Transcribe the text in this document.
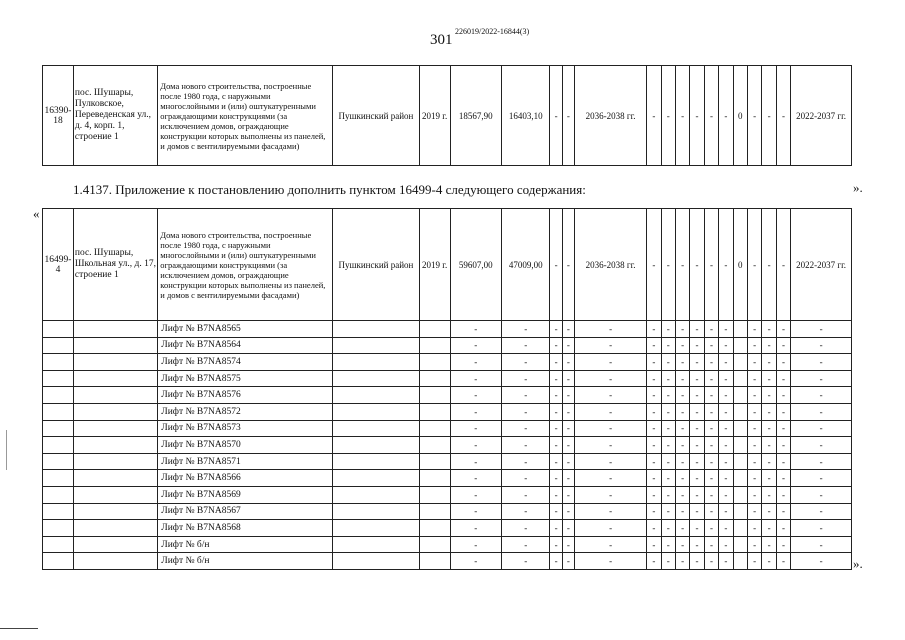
301
226019/2022-16844(3)
16390-18	пос. Шушары, Пулковское, Переведенская ул., д. 4, корп. 1, строение 1	Дома нового строительства, построенные после 1980 года, с наружными многослойными и (или) оштукатуренными ограждающими конструкциями (за исключением домов, ограждающие конструкции которых выполнены из панелей, и домов с вентилируемыми фасадами)	Пушкинский район	2019 г.	18567,90	16403,10	-	-	2036-2038 гг.	-	-	-	-	-	-	0	-	-	-	2022-2037 гг.
».
1.4137. Приложение к постановлению дополнить пунктом 16499-4 следующего содержания:
«
16499-4	пос. Шушары, Школьная ул., д. 17, строение 1	Дома нового строительства, построенные после 1980 года, с наружными многослойными и (или) оштукатуренными ограждающими конструкциями (за исключением домов, ограждающие конструкции которых выполнены из панелей, и домов с вентилируемыми фасадами)	Пушкинский район	2019 г.	59607,00	47009,00	-	-	2036-2038 гг.	-	-	-	-	-	-	0	-	-	-	2022-2037 гг.
		Лифт № B7NA8565			-	-	-	-	-	-	-	-	-	-	-		-	-	-	-
		Лифт № B7NA8564			-	-	-	-	-	-	-	-	-	-	-		-	-	-	-
		Лифт № B7NA8574			-	-	-	-	-	-	-	-	-	-	-		-	-	-	-
		Лифт № B7NA8575			-	-	-	-	-	-	-	-	-	-	-		-	-	-	-
		Лифт № B7NA8576			-	-	-	-	-	-	-	-	-	-	-		-	-	-	-
		Лифт № B7NA8572			-	-	-	-	-	-	-	-	-	-	-		-	-	-	-
		Лифт № B7NA8573			-	-	-	-	-	-	-	-	-	-	-		-	-	-	-
		Лифт № B7NA8570			-	-	-	-	-	-	-	-	-	-	-		-	-	-	-
		Лифт № B7NA8571			-	-	-	-	-	-	-	-	-	-	-		-	-	-	-
		Лифт № B7NA8566			-	-	-	-	-	-	-	-	-	-	-		-	-	-	-
		Лифт № B7NA8569			-	-	-	-	-	-	-	-	-	-	-		-	-	-	-
		Лифт № B7NA8567			-	-	-	-	-	-	-	-	-	-	-		-	-	-	-
		Лифт № B7NA8568			-	-	-	-	-	-	-	-	-	-	-		-	-	-	-
		Лифт № б/н			-	-	-	-	-	-	-	-	-	-	-		-	-	-	-
		Лифт № б/н			-	-	-	-	-	-	-	-	-	-	-		-	-	-	- ».
